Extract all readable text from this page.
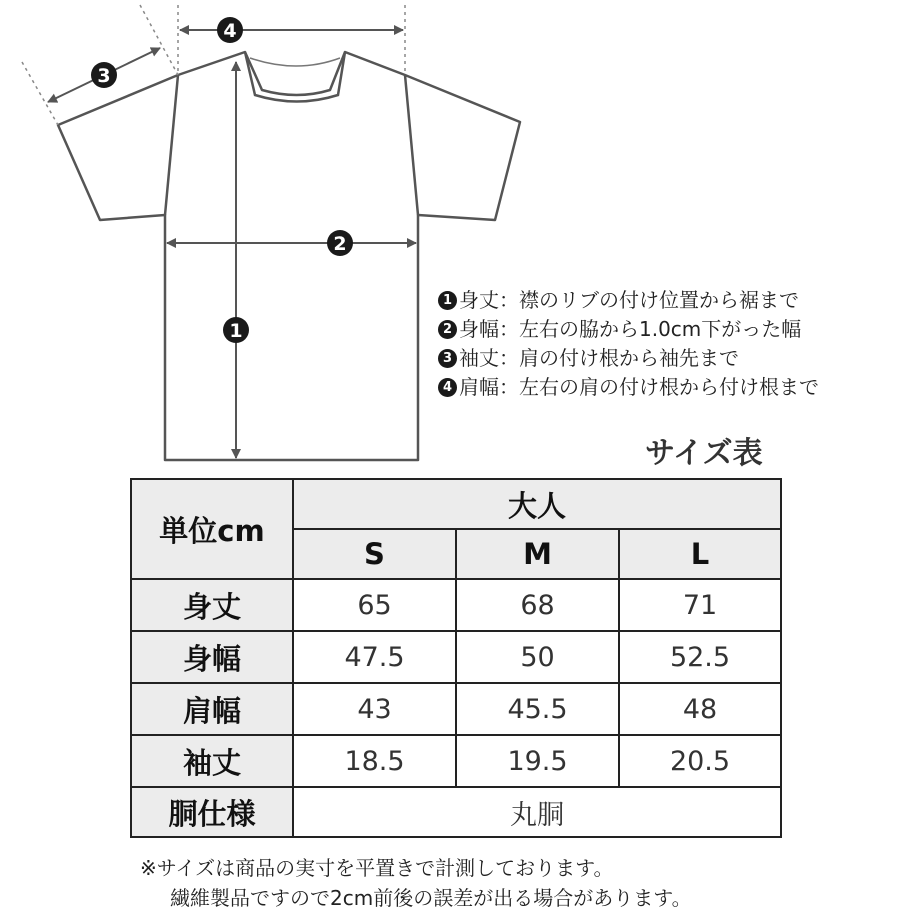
4
3
2
1
1 身丈：襟のリブの付け位置から裾まで
2 身幅：左右の脇から1.0cm下がった幅
3 袖丈：肩の付け根から袖先まで
4 肩幅：左右の肩の付け根から付け根まで
サイズ表
単位cm	大人		
	S	M	L
身丈	65	68	71
身幅	47.5	50	52.5
肩幅	43	45.5	48
袖丈	18.5	19.5	20.5
胴仕様	丸胴		
※サイズは商品の実寸を平置きで計測しております。
繊維製品ですので2cm前後の誤差が出る場合があります。
